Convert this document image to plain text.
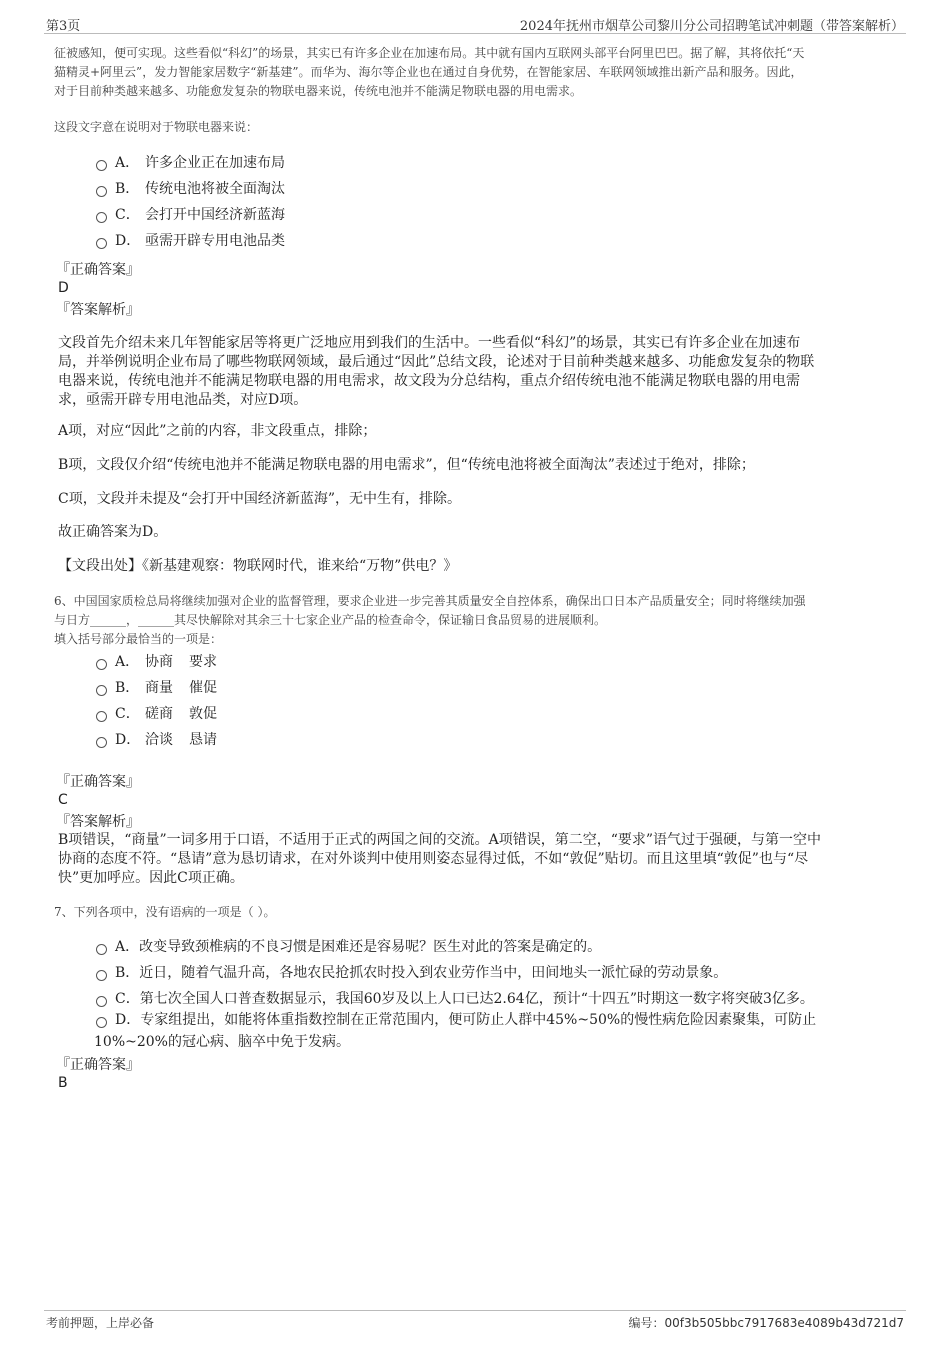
第3页	2024年抚州市烟草公司黎川分公司招聘笔试冲刺题（带答案解析）
征被感知，便可实现。这些看似“科幻”的场景，其实已有许多企业在加速布局。其中就有国内互联网头部平台阿里巴巴。据了解，其将依托“天
猫精灵+阿里云”，发力智能家居数字“新基建”。而华为、海尔等企业也在通过自身优势，在智能家居、车联网领域推出新产品和服务。因此，
对于目前种类越来越多、功能愈发复杂的物联电器来说，传统电池并不能满足物联电器的用电需求。
这段文字意在说明对于物联电器来说：
A． 许多企业正在加速布局
B． 传统电池将被全面淘汰
C． 会打开中国经济新蓝海
D． 亟需开辟专用电池品类
『正确答案』
D
『答案解析』
文段首先介绍未来几年智能家居等将更广泛地应用到我们的生活中。一些看似“科幻”的场景，其实已有许多企业在加速布
局，并举例说明企业布局了哪些物联网领域，最后通过“因此”总结文段，论述对于目前种类越来越多、功能愈发复杂的物联
电器来说，传统电池并不能满足物联电器的用电需求，故文段为分总结构，重点介绍传统电池不能满足物联电器的用电需
求，亟需开辟专用电池品类，对应D项。
A项，对应“因此”之前的内容，非文段重点，排除；
B项，文段仅介绍“传统电池并不能满足物联电器的用电需求”，但“传统电池将被全面淘汰”表述过于绝对，排除；
C项，文段并未提及“会打开中国经济新蓝海”，无中生有，排除。
故正确答案为D。
【文段出处】《新基建观察：物联网时代，谁来给“万物”供电？》
6、中国国家质检总局将继续加强对企业的监督管理，要求企业进一步完善其质量安全自控体系，确保出口日本产品质量安全；同时将继续加强
与日方______，______其尽快解除对其余三十七家企业产品的检查命令，保证输日食品贸易的进展顺利。
填入括号部分最恰当的一项是：
A． 协商	要求
B． 商量	催促
C． 磋商	敦促
D． 洽谈	恳请
『正确答案』
C
『答案解析』
B项错误，“商量”一词多用于口语，不适用于正式的两国之间的交流。A项错误，第二空，“要求”语气过于强硬，与第一空中
协商的态度不符。“恳请”意为恳切请求，在对外谈判中使用则姿态显得过低，不如“敦促”贴切。而且这里填“敦促”也与“尽
快”更加呼应。因此C项正确。
7、下列各项中，没有语病的一项是（ ）。
A．改变导致颈椎病的不良习惯是困难还是容易呢？医生对此的答案是确定的。
B．近日，随着气温升高，各地农民抢抓农时投入到农业劳作当中，田间地头一派忙碌的劳动景象。
C．第七次全国人口普查数据显示，我国60岁及以上人口已达2.64亿，预计“十四五”时期这一数字将突破3亿多。
D．专家组提出，如能将体重指数控制在正常范围内，便可防止人群中45%~50%的慢性病危险因素聚集，可防止
10%~20%的冠心病、脑卒中免于发病。
『正确答案』
B
考前押题，上岸必备	编号：00f3b505bbc7917683e4089b43d721d7
